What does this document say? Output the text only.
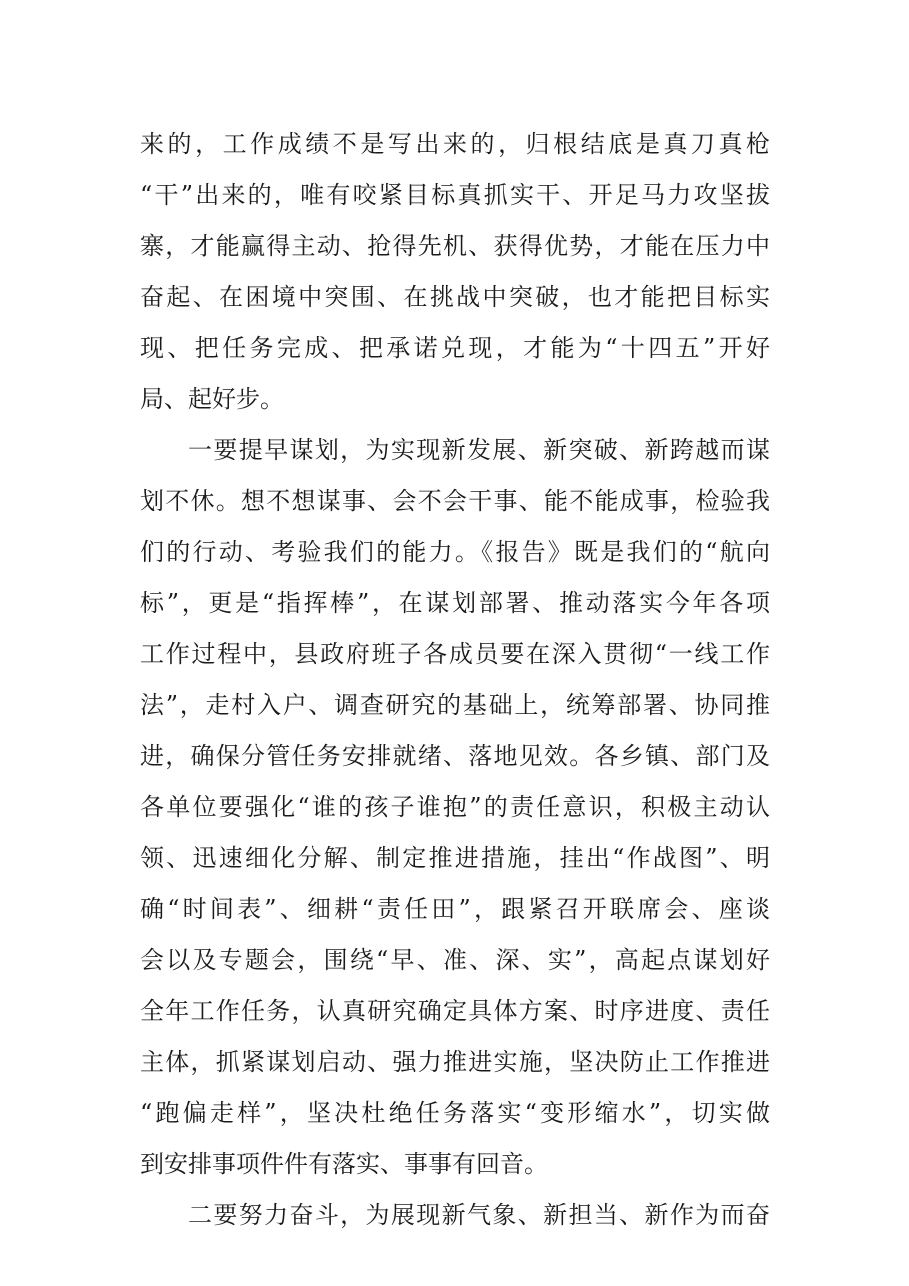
来的，工作成绩不是写出来的，归根结底是真刀真枪
“干”出来的，唯有咬紧目标真抓实干、开足马力攻坚拔
寨，才能赢得主动、抢得先机、获得优势，才能在压力中
奋起、在困境中突围、在挑战中突破，也才能把目标实
现、把任务完成、把承诺兑现，才能为“十四五”开好
局、起好步。
一要提早谋划，为实现新发展、新突破、新跨越而谋
划不休。想不想谋事、会不会干事、能不能成事，检验我
们的行动、考验我们的能力。《报告》既是我们的“航向
标”，更是“指挥棒”，在谋划部署、推动落实今年各项
工作过程中，县政府班子各成员要在深入贯彻“一线工作
法”，走村入户、调查研究的基础上，统筹部署、协同推
进，确保分管任务安排就绪、落地见效。各乡镇、部门及
各单位要强化“谁的孩子谁抱”的责任意识，积极主动认
领、迅速细化分解、制定推进措施，挂出“作战图”、明
确“时间表”、细耕“责任田”，跟紧召开联席会、座谈
会以及专题会，围绕“早、准、深、实”，高起点谋划好
全年工作任务，认真研究确定具体方案、时序进度、责任
主体，抓紧谋划启动、强力推进实施，坚决防止工作推进
“跑偏走样”，坚决杜绝任务落实“变形缩水”，切实做
到安排事项件件有落实、事事有回音。
二要努力奋斗，为展现新气象、新担当、新作为而奋
